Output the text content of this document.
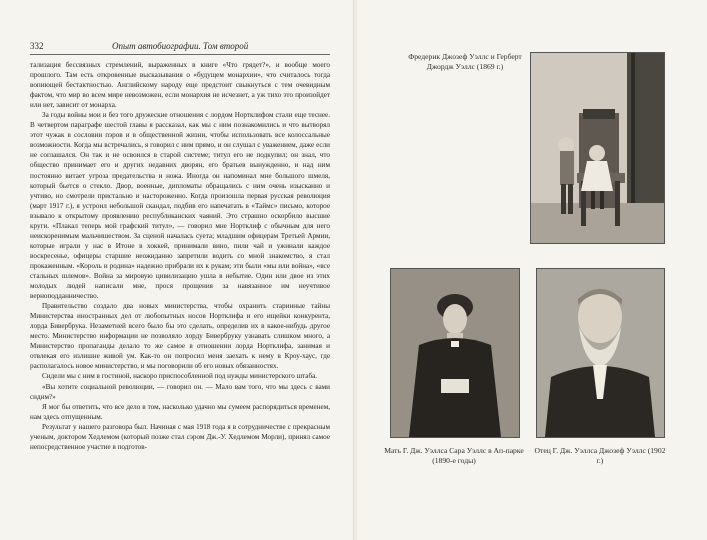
332	Опыт автобиографии. Том второй

тализация бессвязных стремлений, выраженных в книге «Что грядет?», и вообще моего прошлого. Там есть откровенные высказывания о «будущем монархии», что считалось тогда вопиющей бестактностью. Английскому народу еще предстоит свыкнуться с тем очевидным фактом, что мир во всем мире невозможен, если монархия не исчезнет, а уж тихо это произойдет или нет, зависит от монарха.

За годы войны мои и без того дружеские отношения с лордом Нортклифом стали еще теснее. В четвертом параграфе шестой главы я рассказал, как мы с ним познакомились и что вытворял этот чужак в сословии пэров и в общественной жизни, чтобы использовать все колоссальные возможности. Когда мы встречались, я говорил с ним прямо, и он слушал с уважением, даже если не соглашался. Он так и не освоился в старой системе; титул его не подкупил; он знал, что общество принимает его и других недавних дворян, его братьев вынужденно, и над ним постоянно витает угроза предательства и ножа. Иногда он напоминал мне большого шмеля, который бьется о стекло. Двор, военные, дипломаты обращались с ним очень изысканно и учтиво, но смотрели пристально и настороженно. Когда произошла первая русская революция (март 1917 г.), я устроил небольшой скандал, подбив его напечатать в «Таймс» письмо, которое взывало к открытому проявлению республиканских чаяний. Это страшно оскорбило высшие круги. «Плакал теперь мой графский титул», — говорил мне Нортклиф с обычным для него неискоренимым мальчишеством. За сценой началась суета; младшим офицерам Третьей Армии, которые играли у нас в Итоне в хоккей, принимали вино, пили чай и ужинали каждое воскресенье, офицеры старшие неожиданно запретили водить со мной знакомство, я стал прокаженным. «Король и родина» надежно прибрали их к рукам; эти были «мы или война», «все стальных шлемов». Война за мировую цивилизацию ушла в небытие. Один или двое из этих молодых людей написали мне, прося прощения за навязанное им неучтивое верноподданничество.

Правительство создало два новых министерства, чтобы охранить старинные тайны Министерства иностранных дел от любопытных носов Нортклифа и его ищейки конкурента, лорда Бивербрука. Незаметней всего было бы это сделать, определив их в какое-нибудь другое место. Министерство информации не позволяло лорду Бивербруку узнавать слишком много, а Министерство пропаганды делало то же самое в отношении лорда Нортклифа, занимая и отвлекая его излишне живой ум. Как-то он попросил меня заехать к нему в Кроу-хаус, где располагалось новое министерство, и мы поговорили об его новых обязанностях.

Сидели мы с ним в гостиной, наскоро приспособленной под нужды министерского штаба.

«Вы хотите социальной революции, — говорил он. — Мало вам того, что мы здесь с вами сидим?»

Я мог бы ответить, что все дело в том, насколько удачно мы сумеем распорядиться временем, нам здесь отпущенным.

Результат у нашего разговора был. Начиная с мая 1918 года я в сотрудничестве с прекрасным ученым, доктором Хедлемом (который позже стал сэром Дж.-У. Хедлемом Морли), принял самое непосредственное участие в подготов-

Фредерик Джозеф Уэллс и Герберт Джордж Уэллс (1869 г.)
Мать Г. Дж. Уэллса Сара Уэллс в Ап-парке (1890-е годы)
Отец Г. Дж. Уэллса Джозеф Уэллс (1902 г.)
